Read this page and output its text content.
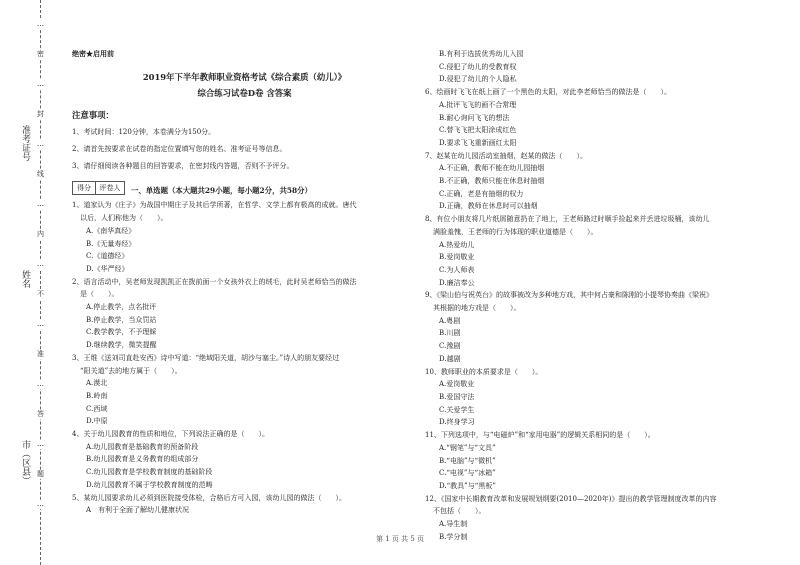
准考证号
姓名
市（区县）
…
密
…
封
…
线
…
内
…
不
…
准
…
答
…
题
…
绝密★启用前
2019年下半年教师职业资格考试《综合素质（幼儿）》
综合练习试卷D卷 含答案
注意事项：
1、考试时间：120分钟，本卷满分为150分。
2、请首先按要求在试卷的指定位置填写您的姓名、准考证号等信息。
3、请仔细阅读各种题目的回答要求，在密封线内答题，否则不予评分。
得分	评卷人	一、单选题（本大题共29小题，每小题2分，共58分）
1、道家认为《庄子》为战国中期庄子及其后学所著，在哲学、文学上都有极高的成就。唐代
以后，人们称他为（　　）。
A.《南华真经》
B.《无量寿经》
C.《道德经》
D.《华严经》
2、语言活动中，吴老师发现凯凯正在拨前面一个女孩外衣上的绒毛，此时吴老师恰当的做法
是（　　）。
A.停止教学，点名批评
B.停止教学，当众罚站
C.教学教学，不予理睬
D.继续教学，微笑提醒
3、王维《送刘司直赴安西》诗中写道：“绝域阳关道，胡沙与塞尘。”诗人的朋友要经过
“阳关道”去的地方属于（　　）。
A.漠北
B.岭南
C.西域
D.中原
4、关于幼儿园教育的性质和地位，下列说法正确的是（　　）。
A.幼儿园教育是基础教育的预备阶段
B.幼儿园教育是义务教育的组成部分
C.幼儿园教育是学校教育制度的基础阶段
D.幼儿园教育不属于学校教育制度的范畴
5、某幼儿园要求幼儿必须到医院接受体检，合格后方可入园，该幼儿园的做法（　　）。
A　有利于全面了解幼儿健康状况
B.有利于选拔优秀幼儿入园
C.侵犯了幼儿的受教育权
D.侵犯了幼儿的个人隐私
6、绘画时飞飞在纸上画了一个黑色的太阳，对此李老师恰当的做法是（　　）。
A.批评飞飞的画不合常理
B.耐心询问飞飞的想法
C.替飞飞把太阳涂成红色
D.要求飞飞重新画红太阳
7、赵某在幼儿园活动室抽烟，赵某的做法（　　）。
A.不正确，教师不能在幼儿园抽烟
B.不正确，教师只能在休息时抽烟
C.正确，老是有抽烟的权力
D.正确，教师在休息时可以抽烟
8、有位小朋友将几片纸屑随意扔在了地上，王老师路过时顺手捡起来并丢进垃圾桶，该幼儿
满脸羞愧，王老师的行为体现的职业道德是（　　）。
A.热爱幼儿
B.爱岗敬业
C.为人师表
D.廉洁奉公
9、《梁山伯与祝英台》的故事被改为多种地方戏，其中何占豪和陈刚的小提琴协奏曲《梁祝》
其根据的地方戏是（　　）。
A.粤剧
B.川剧
C.豫剧
D.越剧
10、教师职业的本质要求是（　　）。
A.爱岗敬业
B.爱国守法
C.关爱学生
D.终身学习
11、下列选项中，与“电磁炉”和“家用电器”的逻辑关系相同的是（　　）。
A.“钢笔”与“文具”
B.“电脑”与“微机”
C.“电视”与“冰箱”
D.“教具”与“黑板”
12、《国家中长期教育改革和发展规划纲要(2010—2020年)》提出的教学管理制度改革的内容
不包括（　　）。
A.导生制
B.学分制
第 1 页 共 5 页
